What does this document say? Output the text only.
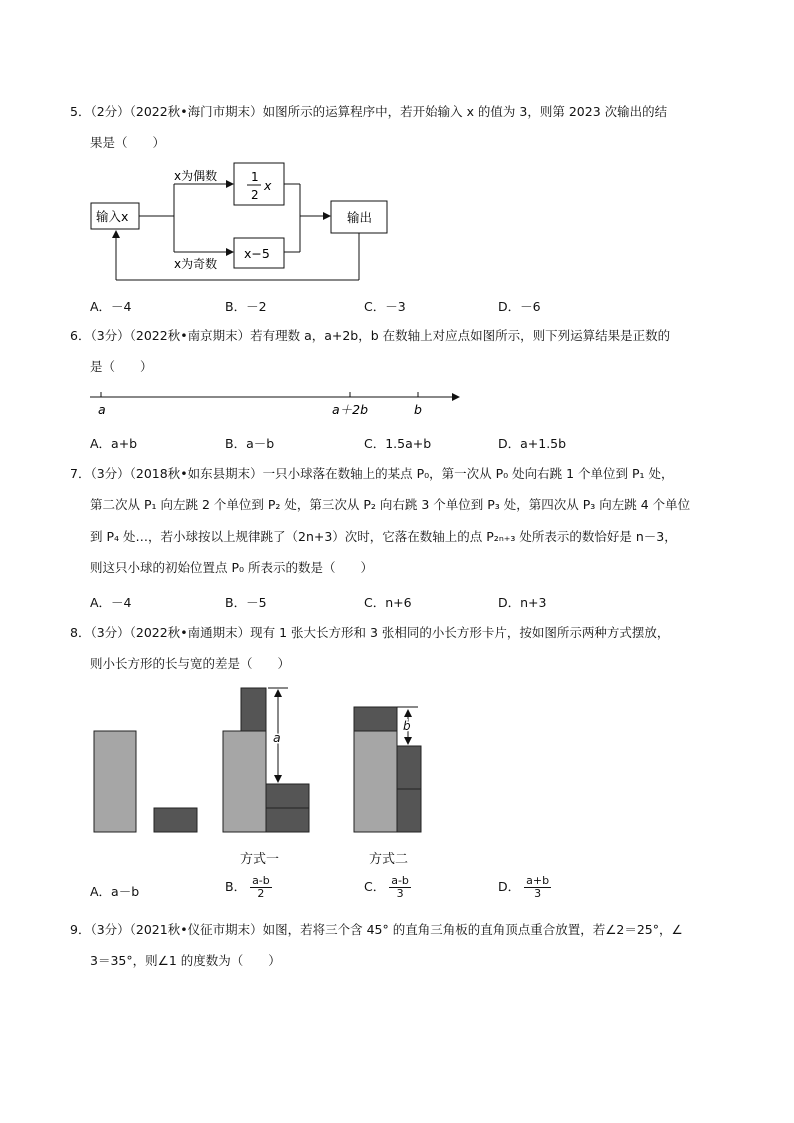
5．（2分）（2022秋•海门市期末）如图所示的运算程序中，若开始输入 x 的值为 3，则第 2023 次输出的结
果是（　　）
输入x
x为偶数
x为奇数
1
2
x
x−5
输出
A．－4	B．－2	C．－3	D．－6
6．（3分）（2022秋•南京期末）若有理数 a，a+2b，b 在数轴上对应点如图所示，则下列运算结果是正数的
是（　　）
a	a＋2b	b
A．a+b	B．a－b	C．1.5a+b	D．a+1.5b
7．（3分）（2018秋•如东县期末）一只小球落在数轴上的某点 P₀，第一次从 P₀ 处向右跳 1 个单位到 P₁ 处，
第二次从 P₁ 向左跳 2 个单位到 P₂ 处，第三次从 P₂ 向右跳 3 个单位到 P₃ 处，第四次从 P₃ 向左跳 4 个单位
到 P₄ 处…，若小球按以上规律跳了（2n+3）次时，它落在数轴上的点 P₂ₙ₊₃ 处所表示的数恰好是 n－3，
则这只小球的初始位置点 P₀ 所表示的数是（　　）
A．－4	B．－5	C．n+6	D．n+3
8．（3分）（2022秋•南通期末）现有 1 张大长方形和 3 张相同的小长方形卡片，按如图所示两种方式摆放，
则小长方形的长与宽的差是（　　）
a
b
方式一	方式二
A．a－b	B． $\frac{a-b}{2}$	C． $\frac{a-b}{3}$	D． $\frac{a+b}{3}$
9．（3分）（2021秋•仪征市期末）如图，若将三个含 45° 的直角三角板的直角顶点重合放置，若∠2＝25°，∠
3＝35°，则∠1 的度数为（　　）
